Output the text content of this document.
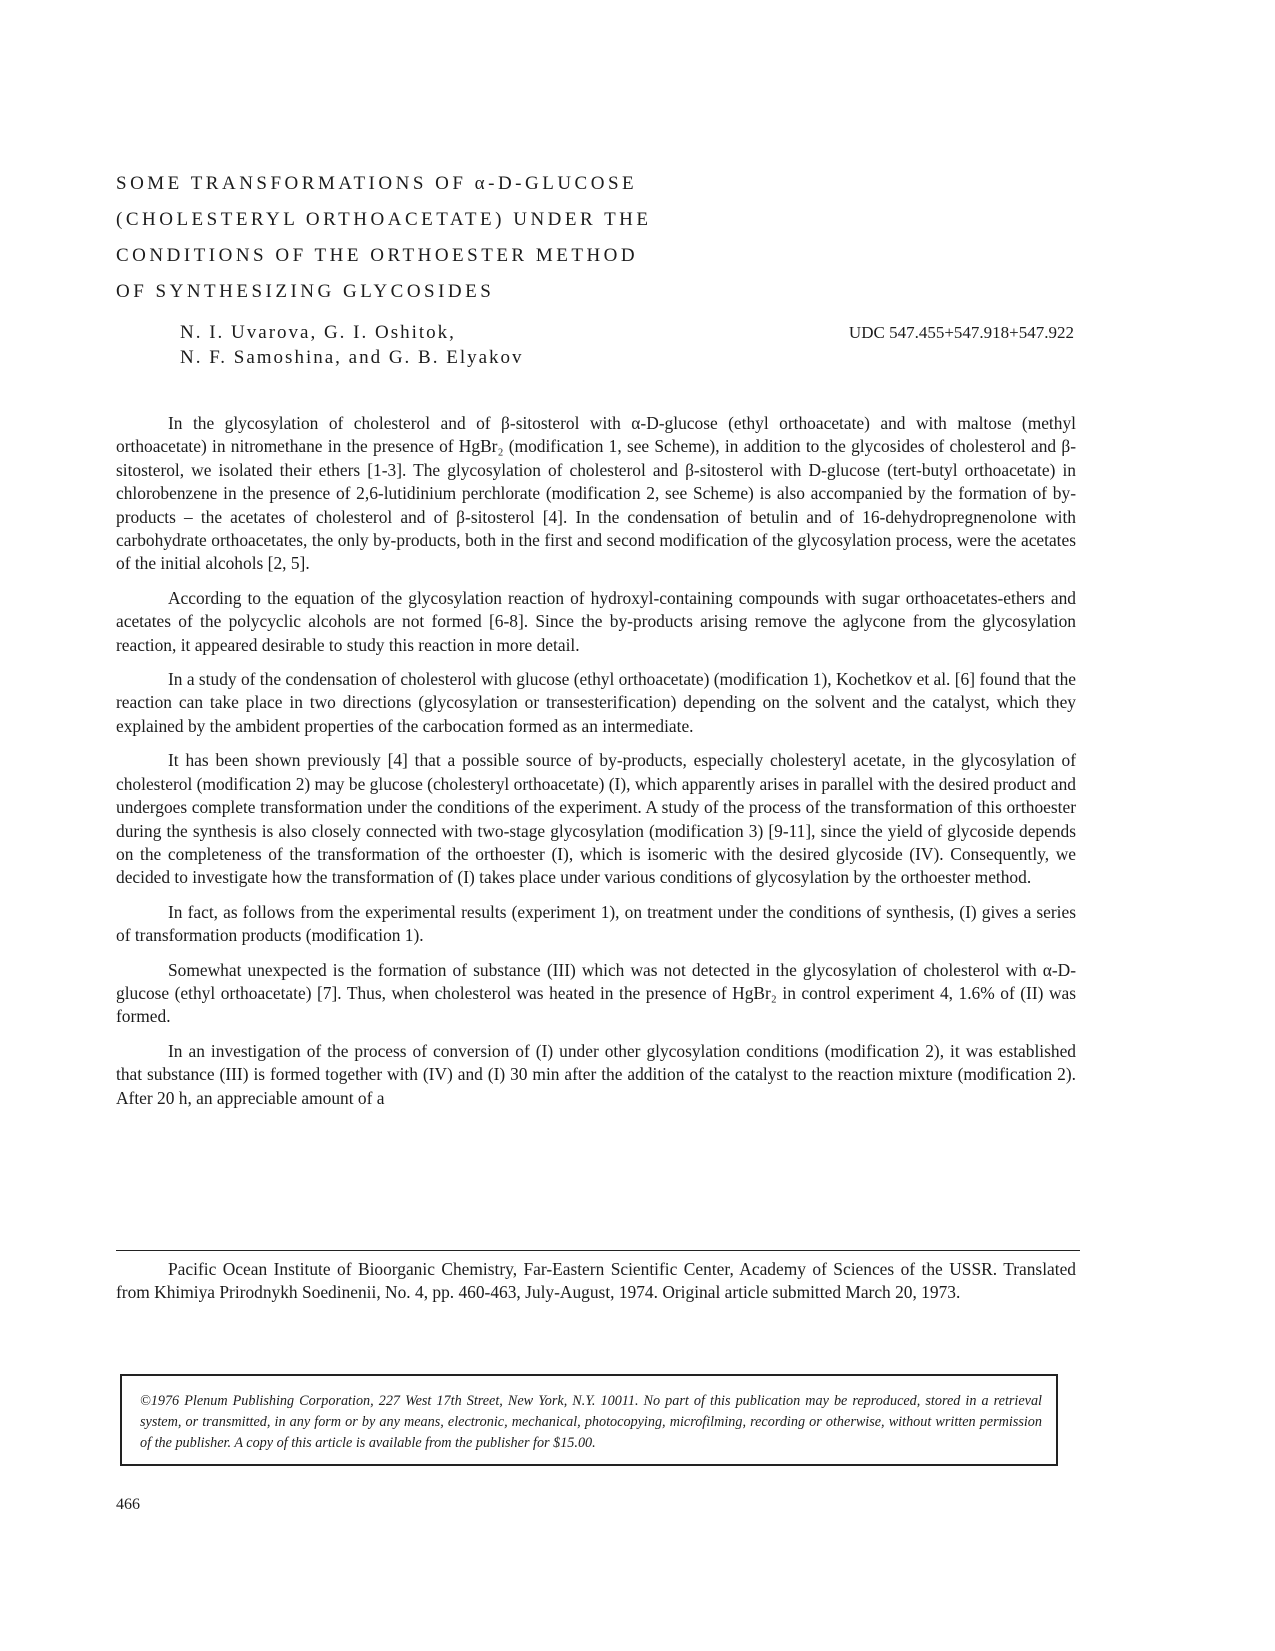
SOME TRANSFORMATIONS OF α-D-GLUCOSE
(CHOLESTERYL ORTHOACETATE) UNDER THE
CONDITIONS OF THE ORTHOESTER METHOD
OF SYNTHESIZING GLYCOSIDES
N. I. Uvarova, G. I. Oshitok,
N. F. Samoshina, and G. B. Elyakov
UDC 547.455+547.918+547.922

In the glycosylation of cholesterol and of β-sitosterol with α-D-glucose (ethyl orthoacetate) and with maltose (methyl orthoacetate) in nitromethane in the presence of HgBr₂ (modification 1, see Scheme), in addition to the glycosides of cholesterol and β-sitosterol, we isolated their ethers [1-3]. The glycosylation of cholesterol and β-sitosterol with D-glucose (tert-butyl orthoacetate) in chlorobenzene in the presence of 2,6-lutidinium perchlorate (modification 2, see Scheme) is also accompanied by the formation of by-products – the acetates of cholesterol and of β-sitosterol [4]. In the condensation of betulin and of 16-dehydropregnenolone with carbohydrate orthoacetates, the only by-products, both in the first and second modification of the glycosylation process, were the acetates of the initial alcohols [2, 5].

According to the equation of the glycosylation reaction of hydroxyl-containing compounds with sugar orthoacetates-ethers and acetates of the polycyclic alcohols are not formed [6-8]. Since the by-products arising remove the aglycone from the glycosylation reaction, it appeared desirable to study this reaction in more detail.

In a study of the condensation of cholesterol with glucose (ethyl orthoacetate) (modification 1), Kochetkov et al. [6] found that the reaction can take place in two directions (glycosylation or transesterification) depending on the solvent and the catalyst, which they explained by the ambident properties of the carbocation formed as an intermediate.

It has been shown previously [4] that a possible source of by-products, especially cholesteryl acetate, in the glycosylation of cholesterol (modification 2) may be glucose (cholesteryl orthoacetate) (I), which apparently arises in parallel with the desired product and undergoes complete transformation under the conditions of the experiment. A study of the process of the transformation of this orthoester during the synthesis is also closely connected with two-stage glycosylation (modification 3) [9-11], since the yield of glycoside depends on the completeness of the transformation of the orthoester (I), which is isomeric with the desired glycoside (IV). Consequently, we decided to investigate how the transformation of (I) takes place under various conditions of glycosylation by the orthoester method.

In fact, as follows from the experimental results (experiment 1), on treatment under the conditions of synthesis, (I) gives a series of transformation products (modification 1).

Somewhat unexpected is the formation of substance (III) which was not detected in the glycosylation of cholesterol with α-D-glucose (ethyl orthoacetate) [7]. Thus, when cholesterol was heated in the presence of HgBr₂ in control experiment 4, 1.6% of (II) was formed.

In an investigation of the process of conversion of (I) under other glycosylation conditions (modification 2), it was established that substance (III) is formed together with (IV) and (I) 30 min after the addition of the catalyst to the reaction mixture (modification 2). After 20 h, an appreciable amount of a

Pacific Ocean Institute of Bioorganic Chemistry, Far-Eastern Scientific Center, Academy of Sciences of the USSR. Translated from Khimiya Prirodnykh Soedinenii, No. 4, pp. 460-463, July-August, 1974. Original article submitted March 20, 1973.

©1976 Plenum Publishing Corporation, 227 West 17th Street, New York, N.Y. 10011. No part of this publication may be reproduced, stored in a retrieval system, or transmitted, in any form or by any means, electronic, mechanical, photocopying, microfilming, recording or otherwise, without written permission of the publisher. A copy of this article is available from the publisher for $15.00.

466
